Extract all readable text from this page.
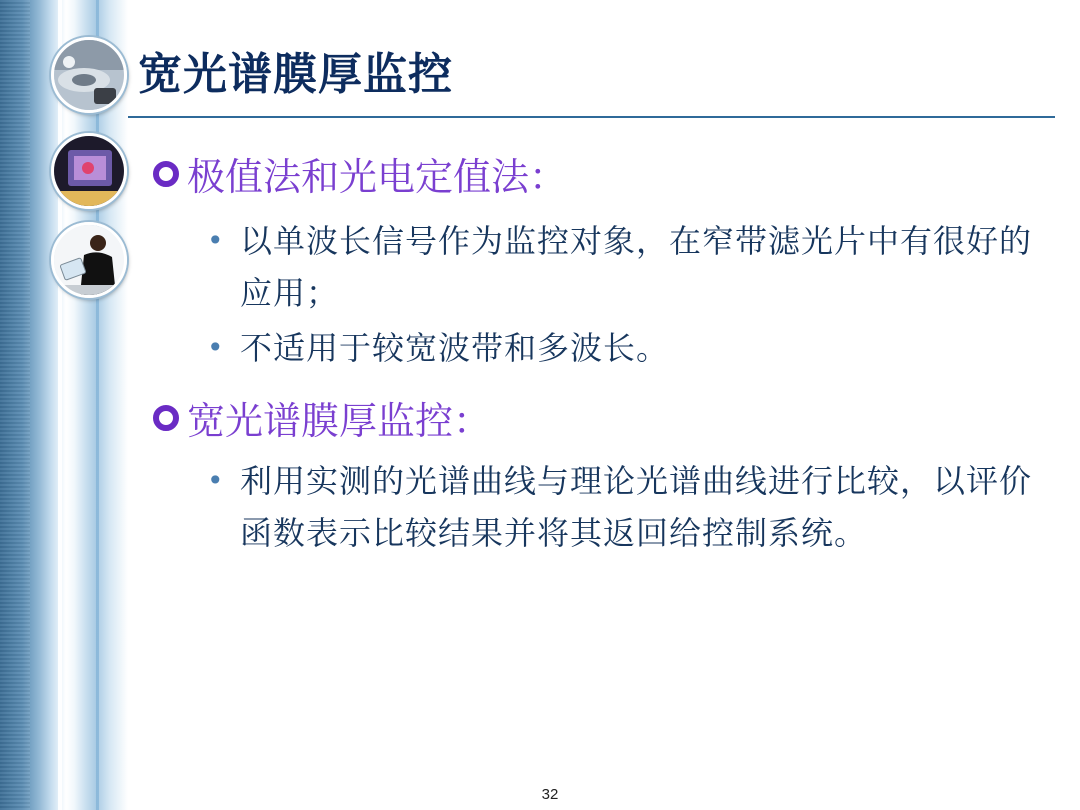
宽光谱膜厚监控
极值法和光电定值法：
• 以单波长信号作为监控对象，在窄带滤光片中有很好的应用；
• 不适用于较宽波带和多波长。
宽光谱膜厚监控：
• 利用实测的光谱曲线与理论光谱曲线进行比较，以评价函数表示比较结果并将其返回给控制系统。
32
